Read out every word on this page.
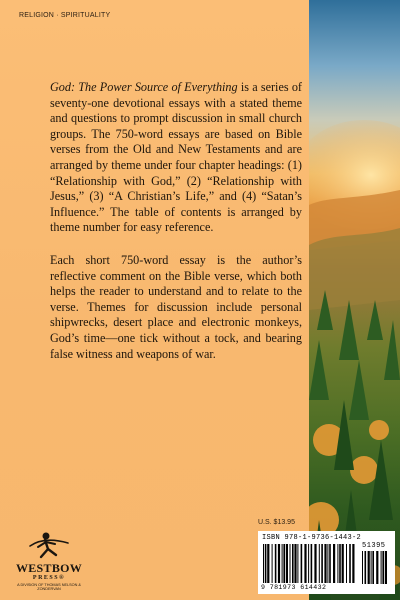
RELIGION · SPIRITUALITY

God: The Power Source of Everything is a series of seventy-one devotional essays with a stated theme and questions to prompt discussion in small church groups. The 750-word essays are based on Bible verses from the Old and New Testaments and are arranged by theme under four chapter headings: (1) “Relationship with God,” (2) “Relationship with Jesus,” (3) “A Christian’s Life,” and (4) “Satan’s Influence.” The table of contents is arranged by theme number for easy reference.

Each short 750-word essay is the author’s reflective comment on the Bible verse, which both helps the reader to understand and to relate to the verse. Themes for discussion include personal shipwrecks, desert place and electronic monkeys, God’s time—one tick without a tock, and bearing false witness and weapons of war.

WESTBOW
PRESS®
A DIVISION OF THOMAS NELSON & ZONDERVAN
U.S. $13.95
ISBN 978-1-9736-1443-2
51395
9 781973 614432
